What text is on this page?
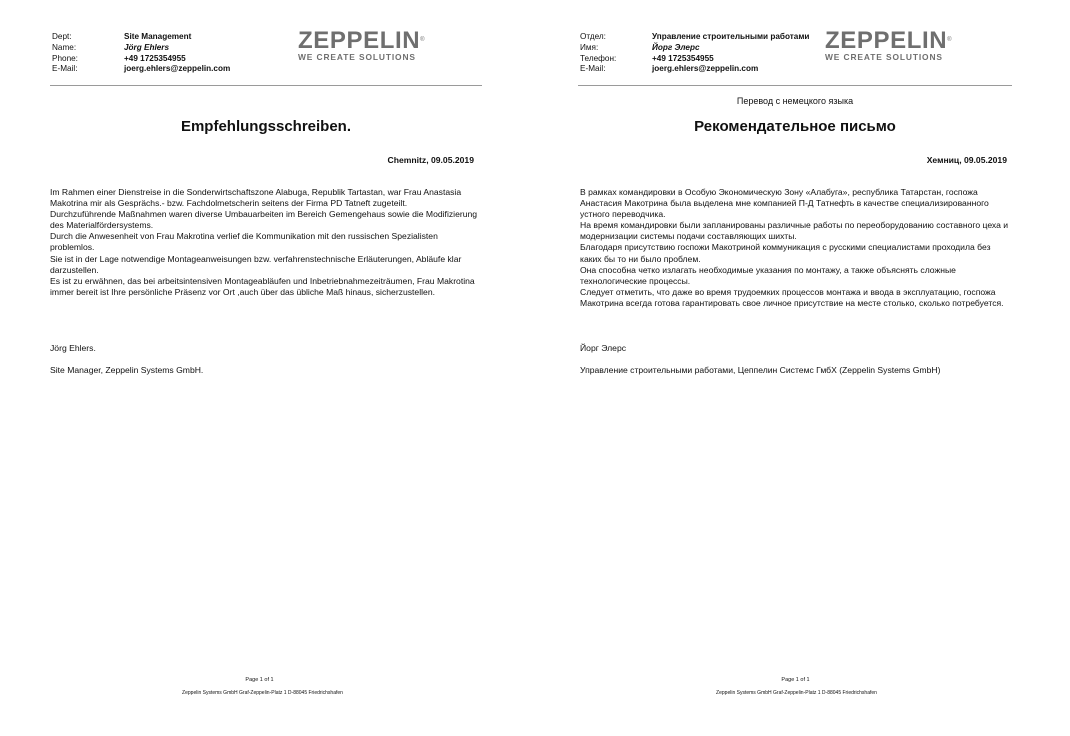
Dept:	Site Management
Name:	Jörg Ehlers
Phone:	+49 1725354955
E-Mail:	joerg.ehlers@zeppelin.com
ZEPPELIN®
WE CREATE SOLUTIONS
Empfehlungsschreiben.
Chemnitz, 09.05.2019

Im Rahmen einer Dienstreise in die Sonderwirtschaftszone Alabuga, Republik Tartastan, war Frau Anastasia Makotrina mir als Gesprächs.- bzw. Fachdolmetscherin seitens der Firma PD Tatneft zugeteilt.

Durchzuführende Maßnahmen waren diverse Umbauarbeiten im Bereich Gemengehaus sowie die Modifizierung des Materialfördersystems.

Durch die Anwesenheit von Frau Makrotina verlief die Kommunikation mit den russischen Spezialisten problemlos.

Sie ist in der Lage notwendige Montageanweisungen bzw. verfahrenstechnische Erläuterungen, Abläufe klar darzustellen.

Es ist zu erwähnen, das bei arbeitsintensiven Montageabläufen und Inbetriebnahmezeiträumen, Frau Makrotina immer bereit ist Ihre persönliche Präsenz vor Ort ,auch über das übliche Maß hinaus, sicherzustellen.

Jörg Ehlers.
Site Manager, Zeppelin Systems GmbH.
Page 1 of 1
Zeppelin Systems GmbH Graf-Zeppelin-Platz 1 D-88045 Friedrichshafen
Отдел:	Управление строительными работами
Имя:	Йорг Элерс
Телефон:	+49 1725354955
E-Mail:	joerg.ehlers@zeppelin.com
ZEPPELIN®
WE CREATE SOLUTIONS
Перевод с немецкого языка
Рекомендательное письмо
Хемниц, 09.05.2019

В рамках командировки в Особую Экономическую Зону «Алабуга», республика Татарстан, госпожа Анастасия Макотрина была выделена мне компанией П-Д Татнефть в качестве специализированного устного переводчика.

На время командировки были запланированы различные работы по переоборудованию составного цеха и модернизации системы подачи составляющих шихты.

Благодаря присутствию госпожи Макотриной коммуникация с русскими специалистами проходила без каких бы то ни было проблем.

Она способна четко излагать необходимые указания по монтажу, а также объяснять сложные технологические процессы.

Следует отметить, что даже во время трудоемких процессов монтажа и ввода в эксплуатацию, госпожа Макотрина всегда готова гарантировать свое личное присутствие на месте столько, сколько потребуется.

Йорг Элерс
Управление строительными работами, Цеппелин Системс ГмбХ (Zeppelin Systems GmbH)
Page 1 of 1
Zeppelin Systems GmbH Graf-Zeppelin-Platz 1 D-88045 Friedrichshafen
